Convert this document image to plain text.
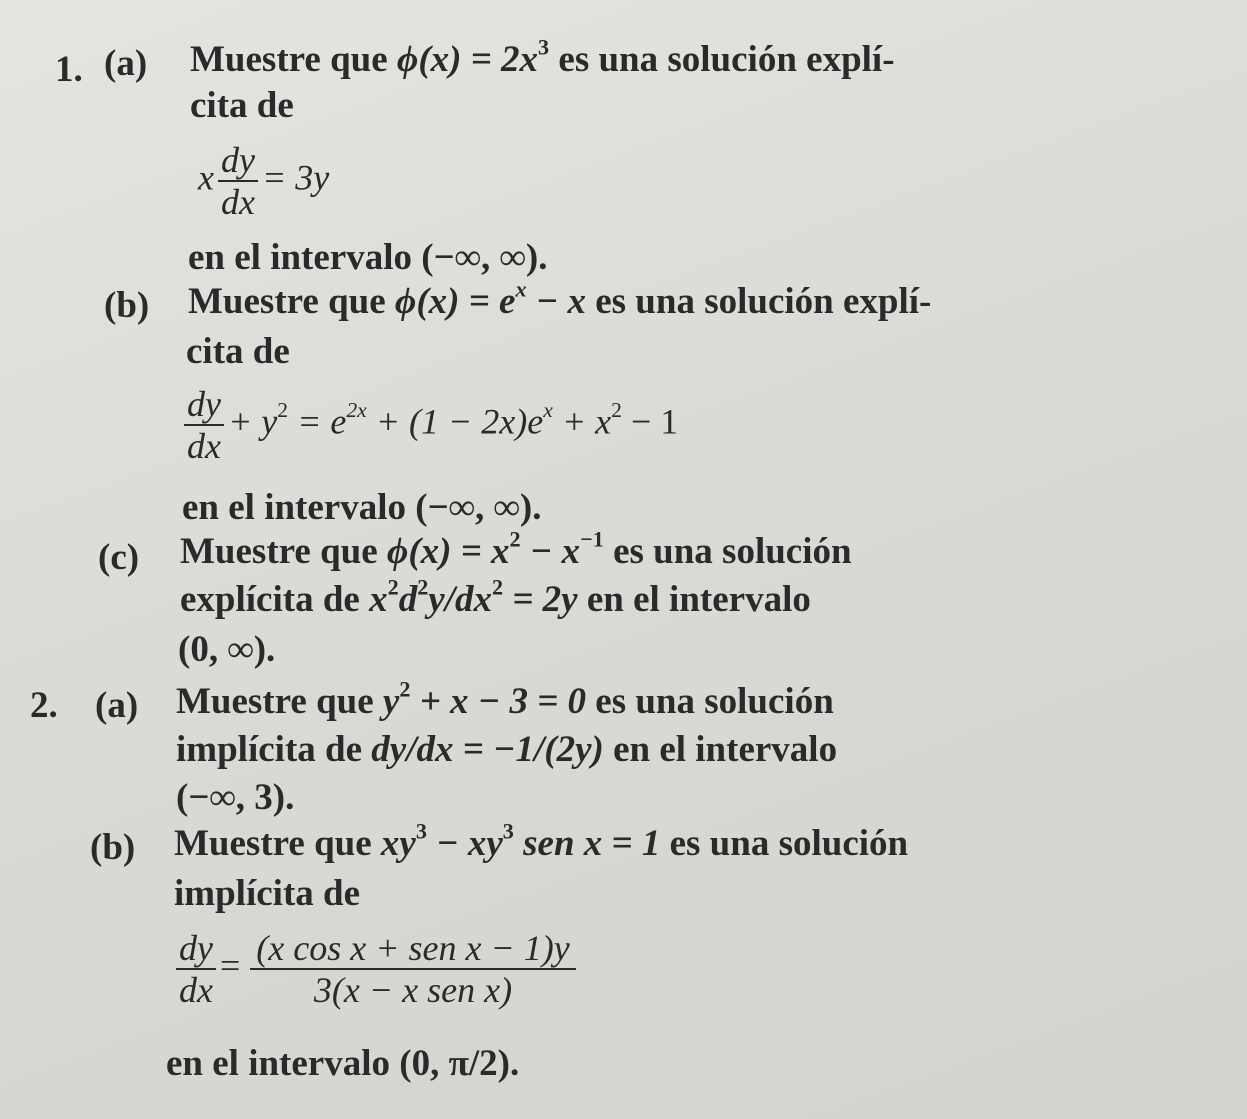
1. (a) Muestre que $\phi(x) = 2x^3$ es una solución explí-
cita de
x $\frac{dy}{dx} = 3y$
en el intervalo (−∞, ∞).
(b) Muestre que $\phi(x) = e^x - x$ es una solución explí-
cita de
$\frac{dy}{dx} + y^2 = e^{2x} + (1 - 2x)e^x + x^2 - 1$
en el intervalo (−∞, ∞).
(c) Muestre que $\phi(x) = x^2 - x^{-1}$ es una solución
explícita de $x^2d^2y/dx^2 = 2y$ en el intervalo
(0, ∞).
2. (a) Muestre que $y^2 + x - 3 = 0$ es una solución
implícita de dy/dx = −1/(2y) en el intervalo
(−∞, 3).
(b) Muestre que $xy^3 - xy^3$ sen x = 1 es una solución
implícita de
$\frac{dy}{dx} = \frac{\text{(x cos x + sen x − 1)y}}{\text{3(x − x sen x)}}$
en el intervalo (0, π/2).
